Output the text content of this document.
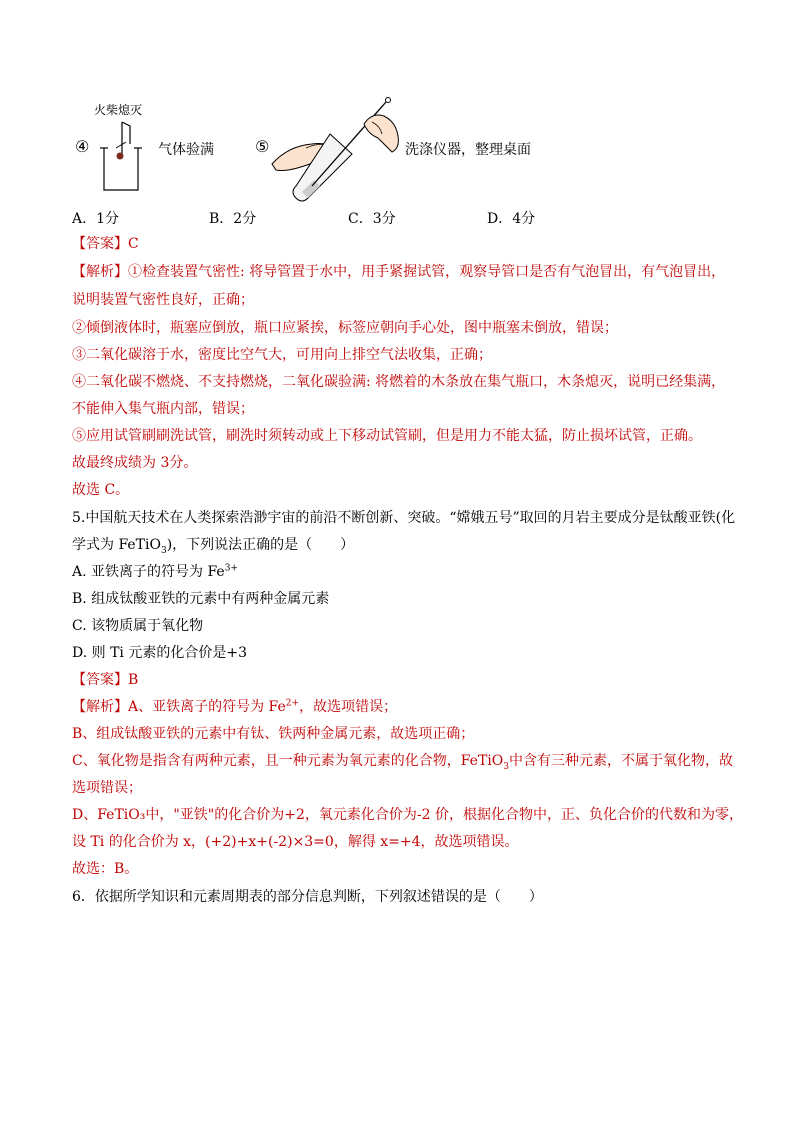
火柴熄灭
④	气体验满	⑤	洗涤仪器，整理桌面
A．1分	B．2分	C．3分	D．4分
【答案】C
【解析】①检查装置气密性: 将导管置于水中，用手紧握试管，观察导管口是否有气泡冒出，有气泡冒出，
说明装置气密性良好，正确；
②倾倒液体时，瓶塞应倒放，瓶口应紧挨，标签应朝向手心处，图中瓶塞未倒放，错误；
③二氧化碳溶于水，密度比空气大，可用向上排空气法收集，正确；
④二氧化碳不燃烧、不支持燃烧，二氧化碳验满: 将燃着的木条放在集气瓶口，木条熄灭，说明已经集满，
不能伸入集气瓶内部，错误；
⑤应用试管刷刷洗试管，刷洗时须转动或上下移动试管刷，但是用力不能太猛，防止损坏试管，正确。
故最终成绩为 3分。
故选 C。
5.中国航天技术在人类探索浩渺宇宙的前沿不断创新、突破。“嫦娥五号”取回的月岩主要成分是钛酸亚铁(化
学式为 FeTiO$_3$)，下列说法正确的是（　　）
A. 亚铁离子的符号为 $Fe^{3+}$
B. 组成钛酸亚铁的元素中有两种金属元素
C. 该物质属于氧化物
D. 则 Ti 元素的化合价是+3
【答案】B
【解析】A、亚铁离子的符号为 $Fe^{2+}$，故选项错误；
B、组成钛酸亚铁的元素中有钛、铁两种金属元素，故选项正确；
C、氧化物是指含有两种元素，且一种元素为氧元素的化合物，FeTiO$_3$中含有三种元素，不属于氧化物，故
选项错误；
D、FeTiO₃中，"亚铁"的化合价为+2，氧元素化合价为-2 价，根据化合物中，正、负化合价的代数和为零，
设 Ti 的化合价为 x，(+2)+x+(-2)×3=0，解得 x=+4，故选项错误。
故选：B。
6．依据所学知识和元素周期表的部分信息判断，下列叙述错误的是（　　）
